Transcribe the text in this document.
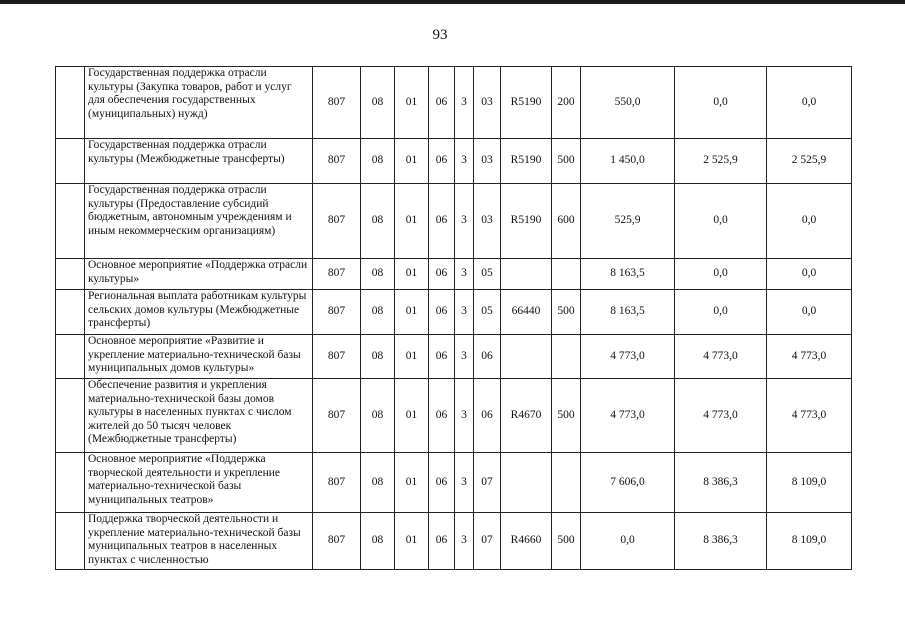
93
	Государственная поддержка отрасли культуры (Закупка товаров, работ и услуг для обеспечения государственных (муниципальных) нужд)	807	08	01	06	3	03	R5190	200	550,0	0,0	0,0
	Государственная поддержка отрасли культуры (Межбюджетные трансферты)	807	08	01	06	3	03	R5190	500	1 450,0	2 525,9	2 525,9
	Государственная поддержка отрасли культуры (Предоставление субсидий бюджетным, автономным учреждениям и иным некоммерческим организациям)	807	08	01	06	3	03	R5190	600	525,9	0,0	0,0
	Основное мероприятие «Поддержка отрасли культуры»	807	08	01	06	3	05			8 163,5	0,0	0,0
	Региональная выплата работникам культуры сельских домов культуры (Межбюджетные трансферты)	807	08	01	06	3	05	66440	500	8 163,5	0,0	0,0
	Основное мероприятие «Развитие и укрепление материально-технической базы муниципальных домов культуры»	807	08	01	06	3	06			4 773,0	4 773,0	4 773,0
	Обеспечение развития и укрепления материально-технической базы домов культуры в населенных пунктах с числом жителей до 50 тысяч человек (Межбюджетные трансферты)	807	08	01	06	3	06	R4670	500	4 773,0	4 773,0	4 773,0
	Основное мероприятие «Поддержка творческой деятельности и укрепление материально-технической базы муниципальных театров»	807	08	01	06	3	07			7 606,0	8 386,3	8 109,0
	Поддержка творческой деятельности и укрепление материально-технической базы муниципальных театров в населенных пунктах с численностью	807	08	01	06	3	07	R4660	500	0,0	8 386,3	8 109,0
